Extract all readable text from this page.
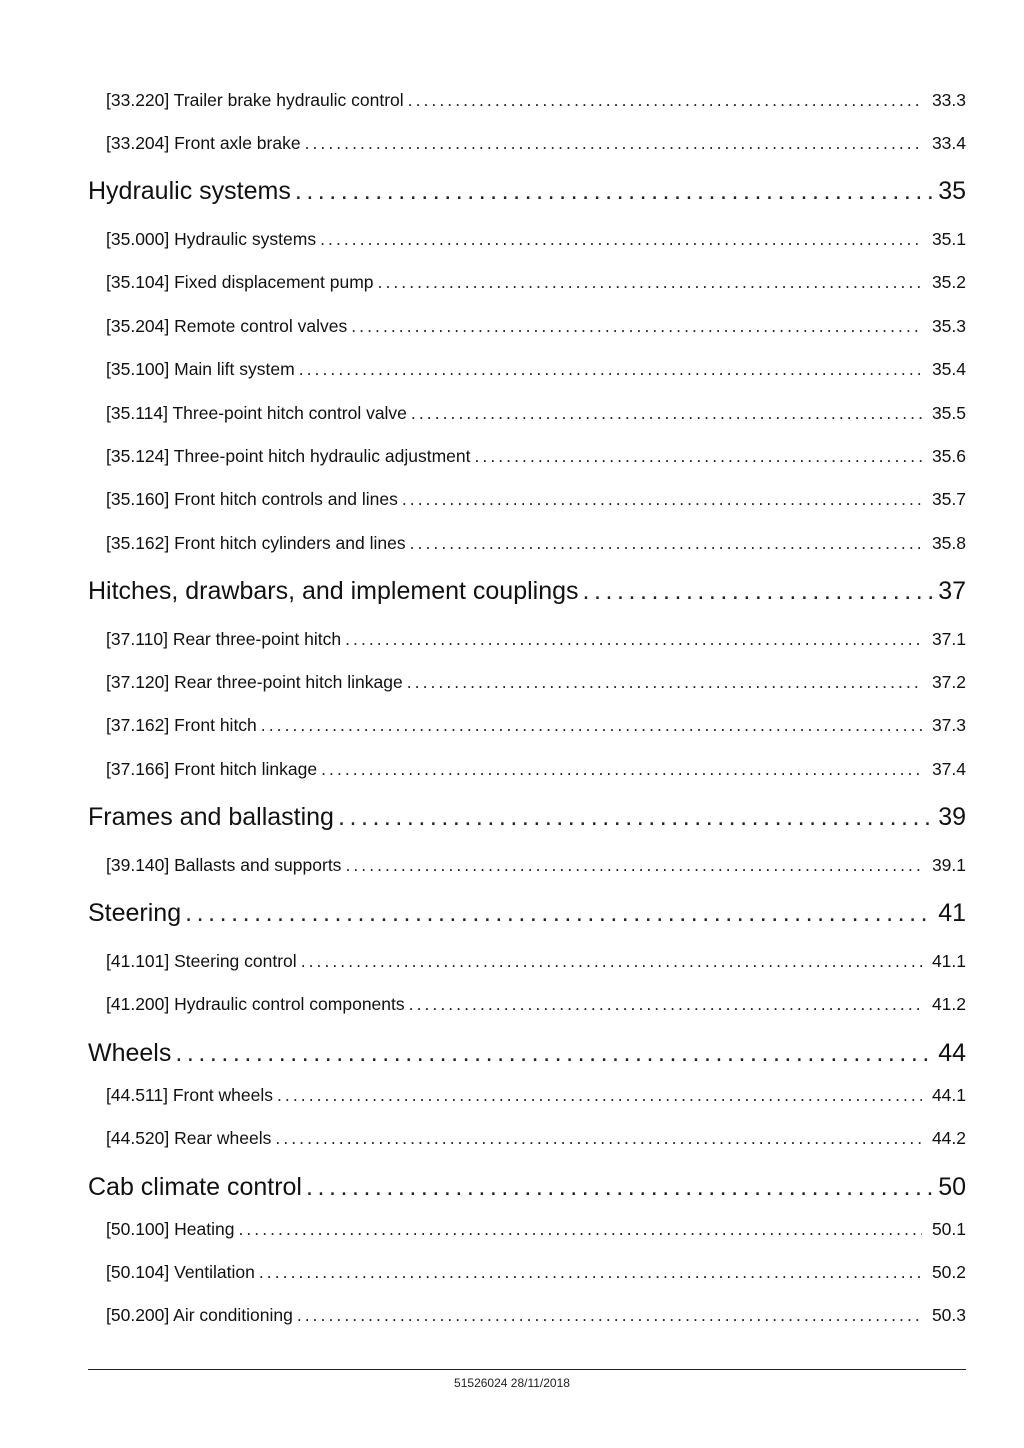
[33.220] Trailer brake hydraulic control . . .	33.3
[33.204] Front axle brake . . .	33.4
Hydraulic systems . . .	35
[35.000] Hydraulic systems . . .	35.1
[35.104] Fixed displacement pump . . .	35.2
[35.204] Remote control valves . . .	35.3
[35.100] Main lift system . . .	35.4
[35.114] Three-point hitch control valve . . .	35.5
[35.124] Three-point hitch hydraulic adjustment . . .	35.6
[35.160] Front hitch controls and lines . . .	35.7
[35.162] Front hitch cylinders and lines . . .	35.8
Hitches, drawbars, and implement couplings . . .	37
[37.110] Rear three-point hitch . . .	37.1
[37.120] Rear three-point hitch linkage . . .	37.2
[37.162] Front hitch . . .	37.3
[37.166] Front hitch linkage . . .	37.4
Frames and ballasting . . .	39
[39.140] Ballasts and supports . . .	39.1
Steering . . .	41
[41.101] Steering control . . .	41.1
[41.200] Hydraulic control components . . .	41.2
Wheels . . .	44
[44.511] Front wheels . . .	44.1
[44.520] Rear wheels . . .	44.2
Cab climate control . . .	50
[50.100] Heating . . .	50.1
[50.104] Ventilation . . .	50.2
[50.200] Air conditioning . . .	50.3
51526024 28/11/2018
